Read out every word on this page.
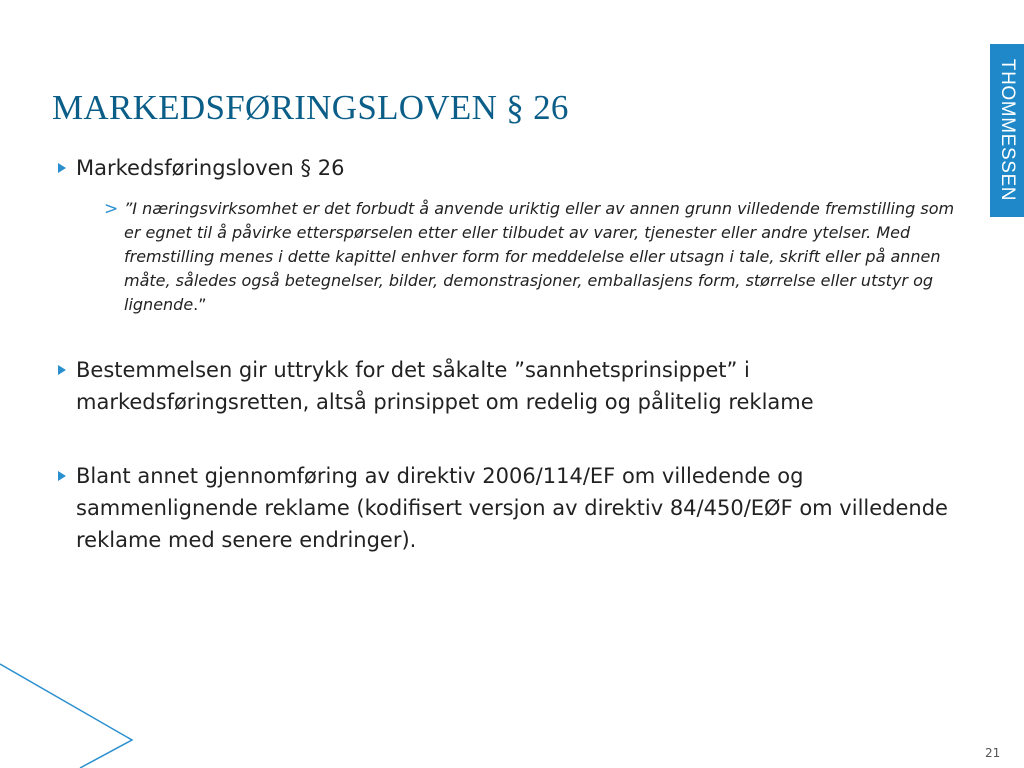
MARKEDSFØRINGSLOVEN § 26	THOMMESSEN
Markedsføringsloven § 26
> ”I næringsvirksomhet er det forbudt å anvende uriktig eller av annen grunn villedende fremstilling som er egnet til å påvirke etterspørselen etter eller tilbudet av varer, tjenester eller andre ytelser. Med fremstilling menes i dette kapittel enhver form for meddelelse eller utsagn i tale, skrift eller på annen måte, således også betegnelser, bilder, demonstrasjoner, emballasjens form, størrelse eller utstyr og lignende.”
Bestemmelsen gir uttrykk for det såkalte ”sannhetsprinsippet” i markedsføringsretten, altså prinsippet om redelig og pålitelig reklame
Blant annet gjennomføring av direktiv 2006/114/EF om villedende og sammenlignende reklame (kodifisert versjon av direktiv 84/450/EØF om villedende reklame med senere endringer).
21
